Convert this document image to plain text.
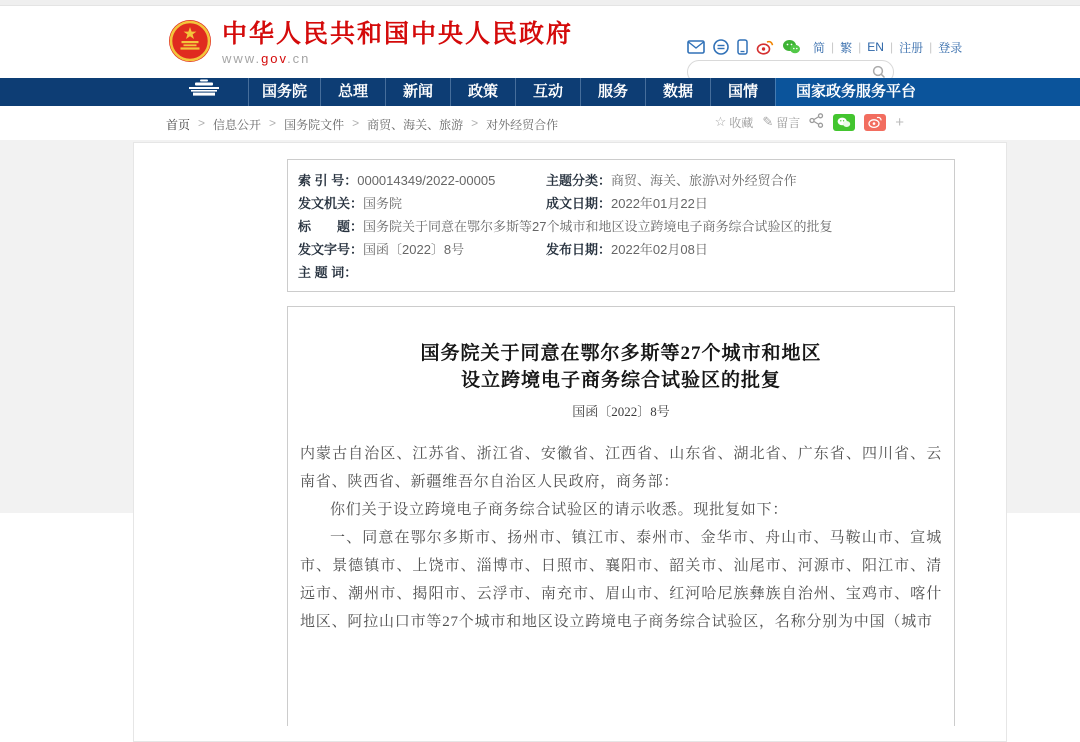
中华人民共和国中央人民政府
www.gov.cn
简 | 繁 | EN | 注册 | 登录
国务院	总理	新闻	政策	互动	服务	数据	国情	国家政务服务平台
首页 > 信息公开 > 国务院文件 > 商贸、海关、旅游 > 对外经贸合作	☆ 收藏 ✎ 留言	+
索 引 号： 000014349/2022-00005	主题分类： 商贸、海关、旅游\对外经贸合作
发文机关： 国务院	成文日期： 2022年01月22日
标　　题： 国务院关于同意在鄂尔多斯等27个城市和地区设立跨境电子商务综合试验区的批复
发文字号： 国函〔2022〕8号	发布日期： 2022年02月08日
主 题 词：
国务院关于同意在鄂尔多斯等27个城市和地区
设立跨境电子商务综合试验区的批复
国函〔2022〕8号

内蒙古自治区、江苏省、浙江省、安徽省、江西省、山东省、湖北省、广东省、四川省、云南省、陕西省、新疆维吾尔自治区人民政府，商务部：

你们关于设立跨境电子商务综合试验区的请示收悉。现批复如下：

一、同意在鄂尔多斯市、扬州市、镇江市、泰州市、金华市、舟山市、马鞍山市、宣城市、景德镇市、上饶市、淄博市、日照市、襄阳市、韶关市、汕尾市、河源市、阳江市、清远市、潮州市、揭阳市、云浮市、南充市、眉山市、红河哈尼族彝族自治州、宝鸡市、喀什地区、阿拉山口市等27个城市和地区设立跨境电子商务综合试验区，名称分别为中国（城市
